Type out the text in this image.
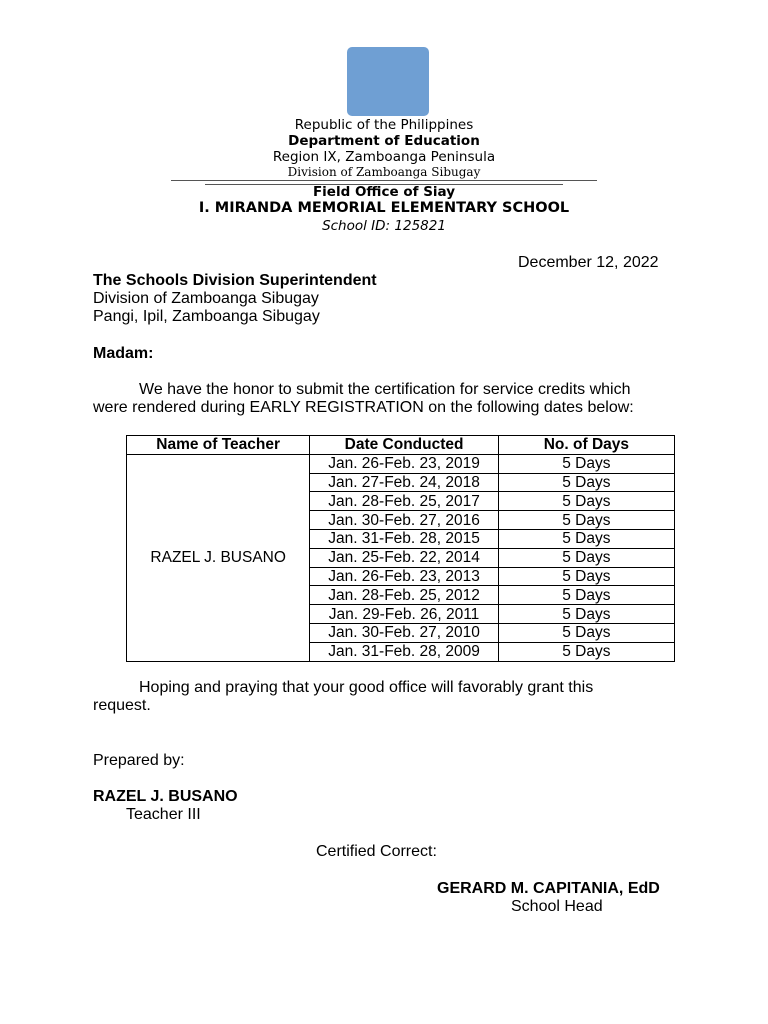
Republic of the Philippines
Department of Education
Region IX, Zamboanga Peninsula
Division of Zamboanga Sibugay
Field Office of Siay
I. MIRANDA MEMORIAL ELEMENTARY SCHOOL
School ID: 125821
December 12, 2022
The Schools Division Superintendent
Division of Zamboanga Sibugay
Pangi, Ipil, Zamboanga Sibugay
Madam:
We have the honor to submit the certification for service credits which
were rendered during EARLY REGISTRATION on the following dates below:
Name of Teacher	Date Conducted	No. of Days
RAZEL J. BUSANO	Jan. 26-Feb. 23, 2019	5 Days
	Jan. 27-Feb. 24, 2018	5 Days
	Jan. 28-Feb. 25, 2017	5 Days
	Jan. 30-Feb. 27, 2016	5 Days
	Jan. 31-Feb. 28, 2015	5 Days
	Jan. 25-Feb. 22, 2014	5 Days
	Jan. 26-Feb. 23, 2013	5 Days
	Jan. 28-Feb. 25, 2012	5 Days
	Jan. 29-Feb. 26, 2011	5 Days
	Jan. 30-Feb. 27, 2010	5 Days
	Jan. 31-Feb. 28, 2009	5 Days
Hoping and praying that your good office will favorably grant this
request.
Prepared by:
RAZEL J. BUSANO
Teacher III
Certified Correct:
GERARD M. CAPITANIA, EdD
School Head
